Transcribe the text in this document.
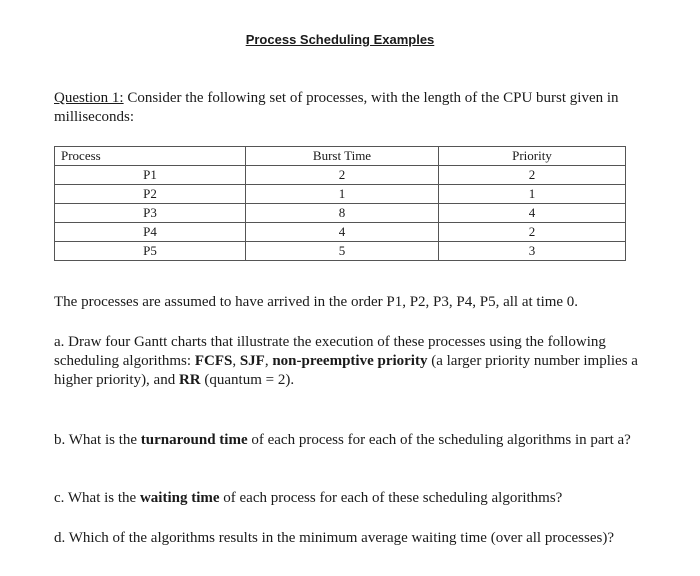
Process Scheduling Examples
Question 1: Consider the following set of processes, with the length of the CPU burst given in milliseconds:
Process	Burst Time	Priority
P1	2	2
P2	1	1
P3	8	4
P4	4	2
P5	5	3
The processes are assumed to have arrived in the order P1, P2, P3, P4, P5, all at time 0.
a. Draw four Gantt charts that illustrate the execution of these processes using the following scheduling algorithms: FCFS, SJF, non-preemptive priority (a larger priority number implies a higher priority), and RR (quantum = 2).
b. What is the turnaround time of each process for each of the scheduling algorithms in part a?
c. What is the waiting time of each process for each of these scheduling algorithms?
d. Which of the algorithms results in the minimum average waiting time (over all processes)?
